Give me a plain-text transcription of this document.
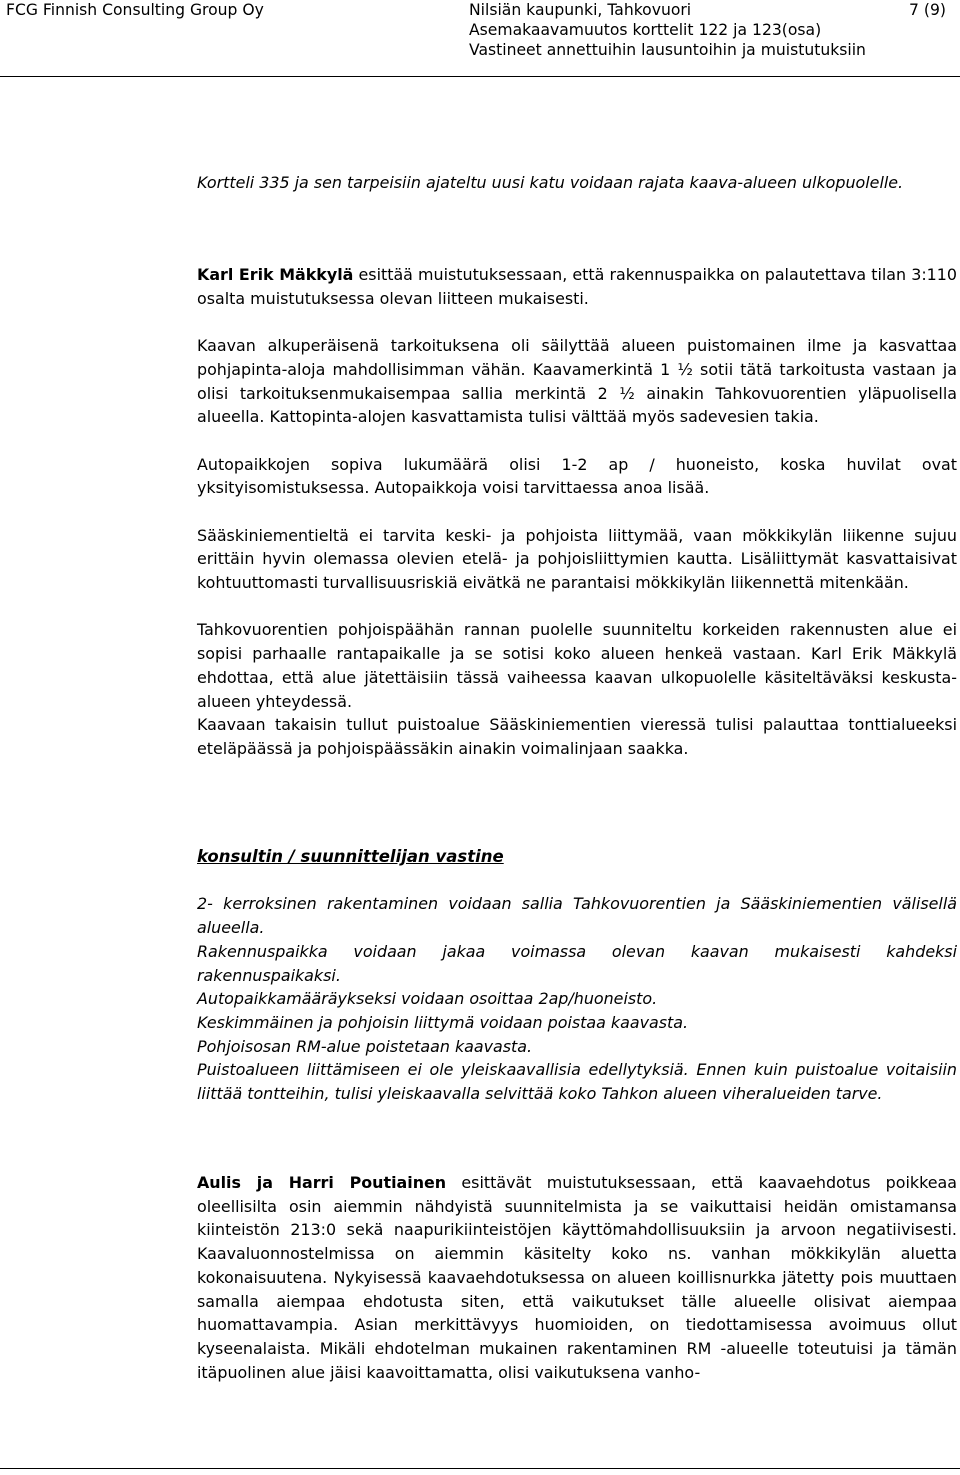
FCG Finnish Consulting Group Oy	Nilsiän kaupunki, Tahkovuori
Asemakaavamuutos korttelit 122 ja 123(osa)
Vastineet annettuihin lausuntoihin ja muistutuksiin
7 (9)

Kortteli 335 ja sen tarpeisiin ajateltu uusi katu voidaan rajata kaava-alueen ulkopuolelle.

Karl Erik Mäkkylä esittää muistutuksessaan, että rakennuspaikka on palautettava tilan 3:110 osalta muistutuksessa olevan liitteen mukaisesti.

Kaavan alkuperäisenä tarkoituksena oli säilyttää alueen puistomainen ilme ja kasvattaa pohjapinta-aloja mahdollisimman vähän. Kaavamerkintä 1 ½ sotii tätä tarkoitusta vastaan ja olisi tarkoituksenmukaisempaa sallia merkintä 2 ½ ainakin Tahkovuorentien yläpuolisella alueella. Kattopinta-alojen kasvattamista tulisi välttää myös sadevesien takia.

Autopaikkojen sopiva lukumäärä olisi 1-2 ap / huoneisto, koska huvilat ovat yksityisomistuksessa. Autopaikkoja voisi tarvittaessa anoa lisää.

Sääskiniementieltä ei tarvita keski- ja pohjoista liittymää, vaan mökkikylän liikenne sujuu erittäin hyvin olemassa olevien etelä- ja pohjoisliittymien kautta. Lisäliittymät kasvattaisivat kohtuuttomasti turvallisuusriskiä eivätkä ne parantaisi mökkikylän liikennettä mitenkään.

Tahkovuorentien pohjoispäähän rannan puolelle suunniteltu korkeiden rakennusten alue ei sopisi parhaalle rantapaikalle ja se sotisi koko alueen henkeä vastaan. Karl Erik Mäkkylä ehdottaa, että alue jätettäisiin tässä vaiheessa kaavan ulkopuolelle käsiteltäväksi keskusta-alueen yhteydessä.

Kaavaan takaisin tullut puistoalue Sääskiniementien vieressä tulisi palauttaa tonttialueeksi eteläpäässä ja pohjoispäässäkin ainakin voimalinjaan saakka.

konsultin / suunnittelijan vastine

2- kerroksinen rakentaminen voidaan sallia Tahkovuorentien ja Sääskiniementien välisellä alueella.

Rakennuspaikka voidaan jakaa voimassa olevan kaavan mukaisesti kahdeksi rakennuspaikaksi.

Autopaikkamääräykseksi voidaan osoittaa 2ap/huoneisto.

Keskimmäinen ja pohjoisin liittymä voidaan poistaa kaavasta.

Pohjoisosan RM-alue poistetaan kaavasta.

Puistoalueen liittämiseen ei ole yleiskaavallisia edellytyksiä. Ennen kuin puistoalue voitaisiin liittää tontteihin, tulisi yleiskaavalla selvittää koko Tahkon alueen viheralueiden tarve.

Aulis ja Harri Poutiainen esittävät muistutuksessaan, että kaavaehdotus poikkeaa oleellisilta osin aiemmin nähdyistä suunnitelmista ja se vaikuttaisi heidän omistamansa kiinteistön 213:0 sekä naapurikiinteistöjen käyttömahdollisuuksiin ja arvoon negatiivisesti. Kaavaluonnostelmissa on aiemmin käsitelty koko ns. vanhan mökkikylän aluetta kokonaisuutena. Nykyisessä kaavaehdotuksessa on alueen koillisnurkka jätetty pois muuttaen samalla aiempaa ehdotusta siten, että vaikutukset tälle alueelle olisivat aiempaa huomattavampia. Asian merkittävyys huomioiden, on tiedottamisessa avoimuus ollut kyseenalaista. Mikäli ehdotelman mukainen rakentaminen RM -alueelle toteutuisi ja tämän itäpuolinen alue jäisi kaavoittamatta, olisi vaikutuksena vanho-
